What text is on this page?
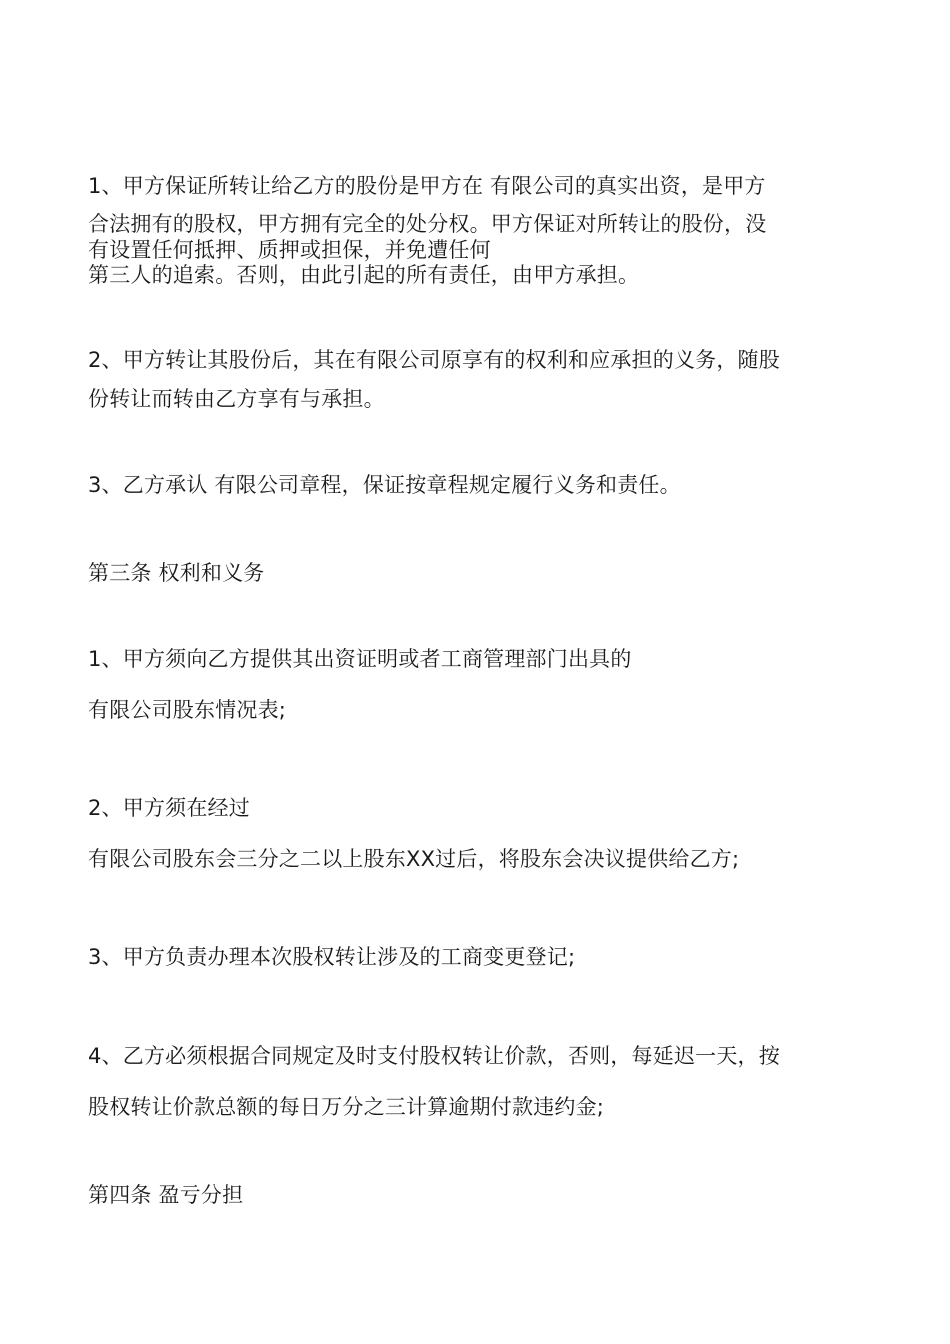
1、甲方保证所转让给乙方的股份是甲方在 有限公司的真实出资，是甲方
合法拥有的股权，甲方拥有完全的处分权。甲方保证对所转让的股份，没
有设置任何抵押、质押或担保，并免遭任何
第三人的追索。否则，由此引起的所有责任，由甲方承担。
2、甲方转让其股份后，其在有限公司原享有的权利和应承担的义务，随股
份转让而转由乙方享有与承担。
3、乙方承认 有限公司章程，保证按章程规定履行义务和责任。
第三条 权利和义务
1、甲方须向乙方提供其出资证明或者工商管理部门出具的
有限公司股东情况表;
2、甲方须在经过
有限公司股东会三分之二以上股东XX过后，将股东会决议提供给乙方;
3、甲方负责办理本次股权转让涉及的工商变更登记;
4、乙方必须根据合同规定及时支付股权转让价款，否则，每延迟一天，按
股权转让价款总额的每日万分之三计算逾期付款违约金;
第四条 盈亏分担
